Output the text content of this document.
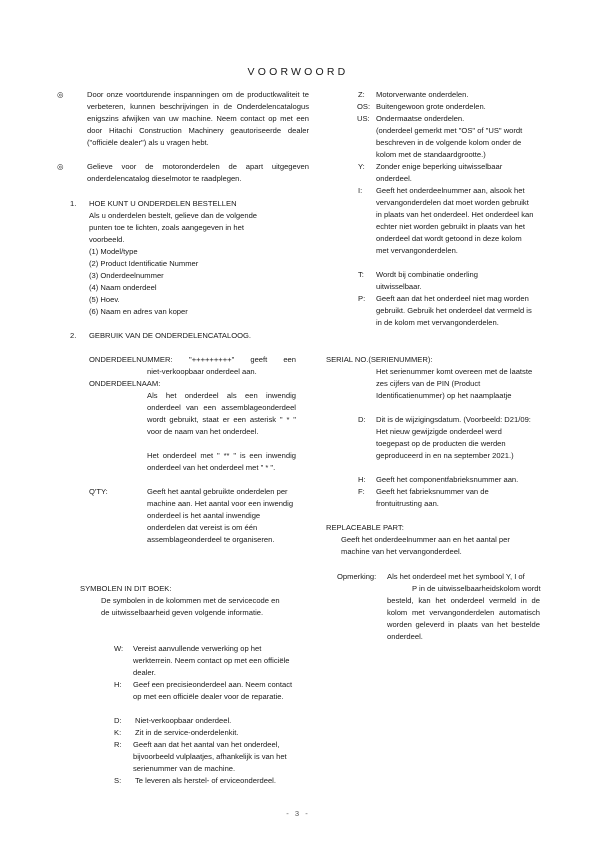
VOORWOORD
◎	Door onze voortdurende inspanningen om de productkwaliteit te verbeteren, kunnen beschrijvingen in de Onderdelencatalogus enigszins afwijken van uw machine. Neem contact op met een door Hitachi Construction Machinery geautoriseerde dealer ("officiële dealer") als u vragen hebt.
◎	Gelieve voor de motoronderdelen de apart uitgegeven onderdelencatalog dieselmotor te raadplegen.
1. HOE KUNT U ONDERDELEN BESTELLEN
Als u onderdelen bestelt, gelieve dan de volgende punten toe te lichten, zoals aangegeven in het voorbeeld.
(1) Model/type
(2) Product Identificatie Nummer
(3) Onderdeelnummer
(4) Naam onderdeel
(5) Hoev.
(6) Naam en adres van koper
2. GEBRUIK VAN DE ONDERDELENCATALOOG.
ONDERDEELNUMMER: "+++++++++" geeft een
niet-verkoopbaar onderdeel aan.
ONDERDEELNAAM:
Als het onderdeel als een inwendig onderdeel van een assemblageonderdeel wordt gebruikt, staat er een asterisk " * " voor de naam van het onderdeel.
Het onderdeel met " ** " is een inwendig onderdeel van het onderdeel met " * ".
Q'TY:	Geeft het aantal gebruikte onderdelen per machine aan. Het aantal voor een inwendig onderdeel is het aantal inwendige onderdelen dat vereist is om één assemblageonderdeel te organiseren.
SYMBOLEN IN DIT BOEK:
De symbolen in de kolommen met de servicecode en de uitwisselbaarheid geven volgende informatie.
W: Vereist aanvullende verwerking op het werkterrein. Neem contact op met een officiële dealer.
H: Geef een precisieonderdeel aan. Neem contact op met een officiële dealer voor de reparatie.
D: Niet-verkoopbaar onderdeel.
K: Zit in de service-onderdelenkit.
R: Geeft aan dat het aantal van het onderdeel, bijvoorbeeld vulplaatjes, afhankelijk is van het serienummer van de machine.
S: Te leveren als herstel- of erviceonderdeel.
Z: Motorverwante onderdelen.
OS: Buitengewoon grote onderdelen.
US: Ondermaatse onderdelen.
(onderdeel gemerkt met "OS" of "US" wordt beschreven in de volgende kolom onder de kolom met de standaardgrootte.)
Y: Zonder enige beperking uitwisselbaar onderdeel.
I: Geeft het onderdeelnummer aan, alsook het vervangonderdelen dat moet worden gebruikt in plaats van het onderdeel. Het onderdeel kan echter niet worden gebruikt in plaats van het onderdeel dat wordt getoond in deze kolom met vervangonderdelen.
T: Wordt bij combinatie onderling uitwisselbaar.
P: Geeft aan dat het onderdeel niet mag worden gebruikt. Gebruik het onderdeel dat vermeld is in de kolom met vervangonderdelen.
SERIAL NO.(SERIENUMMER):
Het serienummer komt overeen met de laatste zes cijfers van de PIN (Product Identificatienummer) op het naamplaatje
D: Dit is de wijzigingsdatum. (Voorbeeld: D21/09: Het nieuw gewijzigde onderdeel werd toegepast op de producten die werden geproduceerd in en na september 2021.)
H: Geeft het componentfabrieksnummer aan.
F: Geeft het fabrieksnummer van de frontuitrusting aan.
REPLACEABLE PART:
Geeft het onderdeelnummer aan en het aantal per machine van het vervangonderdeel.
Opmerking: Als het onderdeel met het symbool Y, I of
P in de uitwisselbaarheidskolom wordt
besteld, kan het onderdeel vermeld in de kolom met vervangonderdelen automatisch worden geleverd in plaats van het bestelde onderdeel.
- 3 -
